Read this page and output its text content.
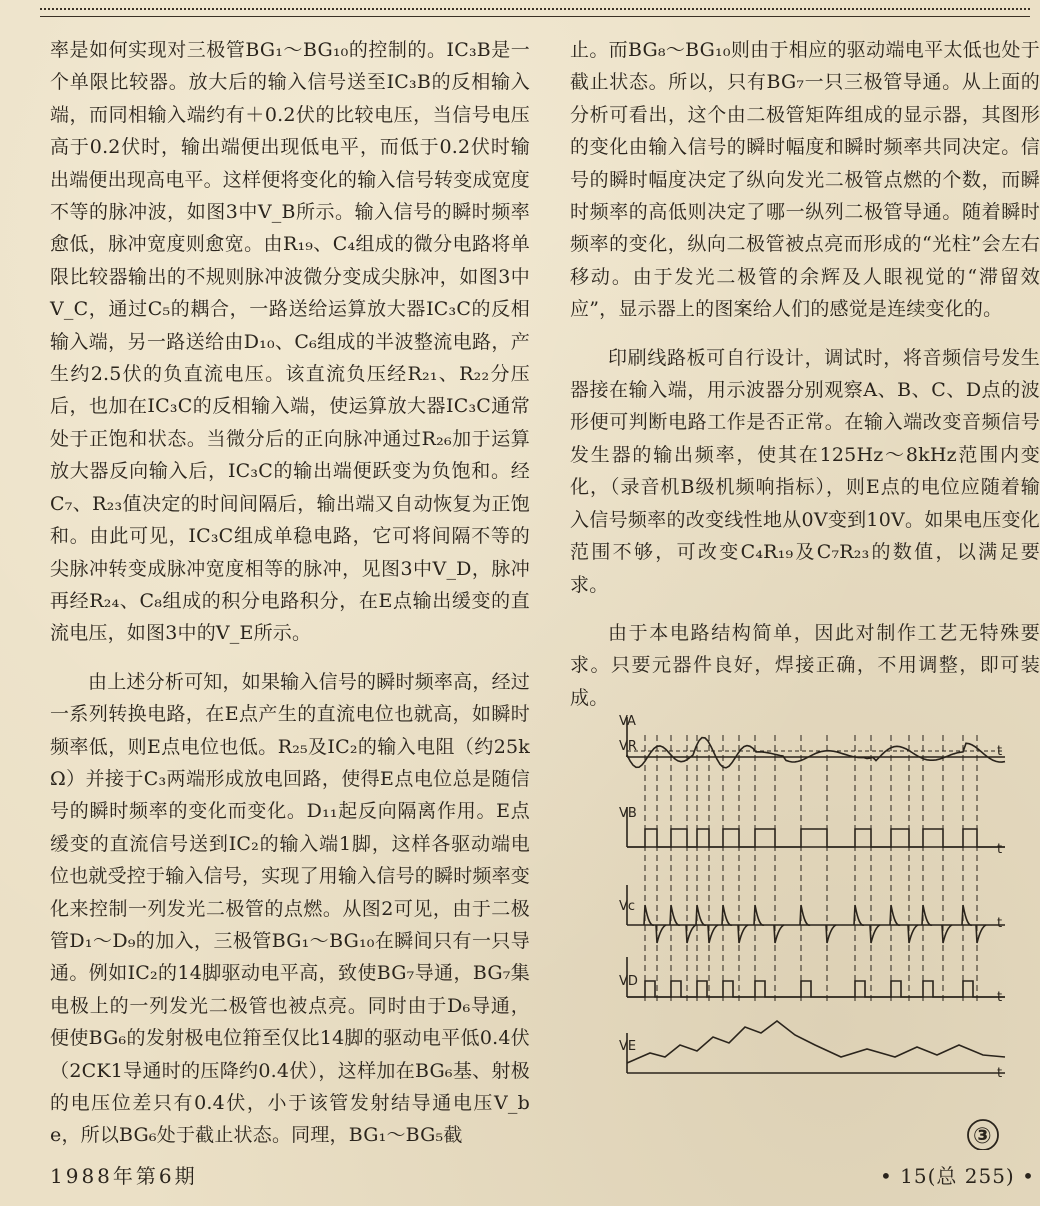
率是如何实现对三极管BG₁～BG₁₀的控制的。IC₃B是一个单限比较器。放大后的输入信号送至IC₃B的反相输入端，而同相输入端约有＋0.2伏的比较电压，当信号电压高于0.2伏时，输出端便出现低电平，而低于0.2伏时输出端便出现高电平。这样便将变化的输入信号转变成宽度不等的脉冲波，如图3中V_B所示。输入信号的瞬时频率愈低，脉冲宽度则愈宽。由R₁₉、C₄组成的微分电路将单限比较器输出的不规则脉冲波微分变成尖脉冲，如图3中V_C，通过C₅的耦合，一路送给运算放大器IC₃C的反相输入端，另一路送给由D₁₀、C₆组成的半波整流电路，产生约2.5伏的负直流电压。该直流负压经R₂₁、R₂₂分压后，也加在IC₃C的反相输入端，使运算放大器IC₃C通常处于正饱和状态。当微分后的正向脉冲通过R₂₆加于运算放大器反向输入后，IC₃C的输出端便跃变为负饱和。经C₇、R₂₃值决定的时间间隔后，输出端又自动恢复为正饱和。由此可见，IC₃C组成单稳电路，它可将间隔不等的尖脉冲转变成脉冲宽度相等的脉冲，见图3中V_D，脉冲再经R₂₄、C₈组成的积分电路积分，在E点输出缓变的直流电压，如图3中的V_E所示。

由上述分析可知，如果输入信号的瞬时频率高，经过一系列转换电路，在E点产生的直流电位也就高，如瞬时频率低，则E点电位也低。R₂₅及IC₂的输入电阻（约25kΩ）并接于C₃两端形成放电回路，使得E点电位总是随信号的瞬时频率的变化而变化。D₁₁起反向隔离作用。E点缓变的直流信号送到IC₂的输入端1脚，这样各驱动端电位也就受控于输入信号，实现了用输入信号的瞬时频率变化来控制一列发光二极管的点燃。从图2可见，由于二极管D₁～D₉的加入，三极管BG₁～BG₁₀在瞬间只有一只导通。例如IC₂的14脚驱动电平高，致使BG₇导通，BG₇集电极上的一列发光二极管也被点亮。同时由于D₆导通，便使BG₆的发射极电位箝至仅比14脚的驱动电平低0.4伏（2CK1导通时的压降约0.4伏），这样加在BG₆基、射极的电压位差只有0.4伏，小于该管发射结导通电压V_be，所以BG₆处于截止状态。同理，BG₁～BG₅截

止。而BG₈～BG₁₀则由于相应的驱动端电平太低也处于截止状态。所以，只有BG₇一只三极管导通。从上面的分析可看出，这个由二极管矩阵组成的显示器，其图形的变化由输入信号的瞬时幅度和瞬时频率共同决定。信号的瞬时幅度决定了纵向发光二极管点燃的个数，而瞬时频率的高低则决定了哪一纵列二极管导通。随着瞬时频率的变化，纵向二极管被点亮而形成的“光柱”会左右移动。由于发光二极管的余辉及人眼视觉的“滞留效应”，显示器上的图案给人们的感觉是连续变化的。

印刷线路板可自行设计，调试时，将音频信号发生器接在输入端，用示波器分别观察A、B、C、D点的波形便可判断电路工作是否正常。在输入端改变音频信号发生器的输出频率，使其在125Hz～8kHz范围内变化，（录音机B级机频响指标），则E点的电位应随着输入信号频率的改变线性地从0V变到10V。如果电压变化范围不够，可改变C₄R₁₉及C₇R₂₃的数值，以满足要求。

由于本电路结构简单，因此对制作工艺无特殊要求。只要元器件良好，焊接正确，不用调整，即可装成。

VA
VR
VB
Vc
VD
VE
t
t
t
t
t
③
1988年第6期	• 15(总 255) •
